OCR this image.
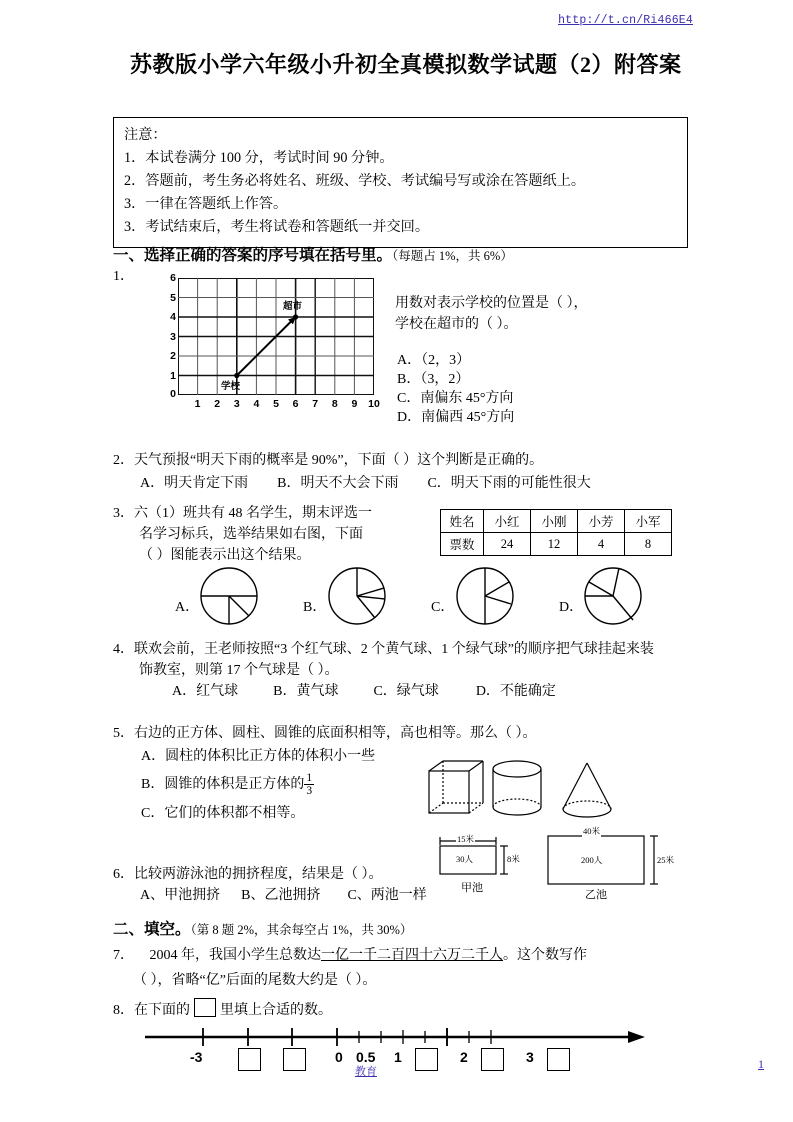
http://t.cn/Ri466E4
苏教版小学六年级小升初全真模拟数学试题（2）附答案
注意：
1．本试卷满分 100 分，考试时间 90 分钟。
2．答题前，考生务必将姓名、班级、学校、考试编号写或涂在答题纸上。
3．一律在答题纸上作答。
3．考试结束后，考生将试卷和答题纸一并交回。
一、选择正确的答案的序号填在括号里。（每题占 1%，共 6%）
1．	6
5
4
3
2
1
0
1	2	3	4	5	6	7	8	9	10
学校
超市	用数对表示学校的位置是（ ），
学校在超市的（ ）。
A．（2，3）
B．（3，2）
C．南偏东 45°方向
D．南偏西 45°方向
2．天气预报“明天下雨的概率是 90%”，下面（ ）这个判断是正确的。
A．明天肯定下雨 B．明天不大会下雨 C．明天下雨的可能性很大
3．六（1）班共有 48 名学生，期末评选一
名学习标兵，选举结果如右图，下面
（ ）图能表示出这个结果。
姓名	小红	小刚	小芳	小军
票数	24	12	4	8
A．	B．	C．	D．
4．联欢会前，王老师按照“3 个红气球、2 个黄气球、1 个绿气球”的顺序把气球挂起来装
饰教室，则第 17 个气球是（ ）。
A．红气球	B．黄气球	C．绿气球	D．不能确定
5．右边的正方体、圆柱、圆锥的底面积相等，高也相等。那么（ ）。
A．圆柱的体积比正方体的体积小一些
B．圆锥的体积是正方体的 $\frac{1}{3}$
C．它们的体积都不相等。
6．比较两游泳池的拥挤程度，结果是（ ）。
A、甲池拥挤 B、乙池拥挤 C、两池一样
15米
8米
30人
甲池
40米
25米
200人
乙池
二、填空。（第 8 题 2%，其余每空占 1%，共 30%）
7． 2004 年，我国小学生总数达一亿一千二百四十六万二千人。这个数写作
（ ），省略“亿”后面的尾数大约是（ ）。
8．在下面的 里填上合适的数。
-3	0 0.5 1	2	3
教育
1
